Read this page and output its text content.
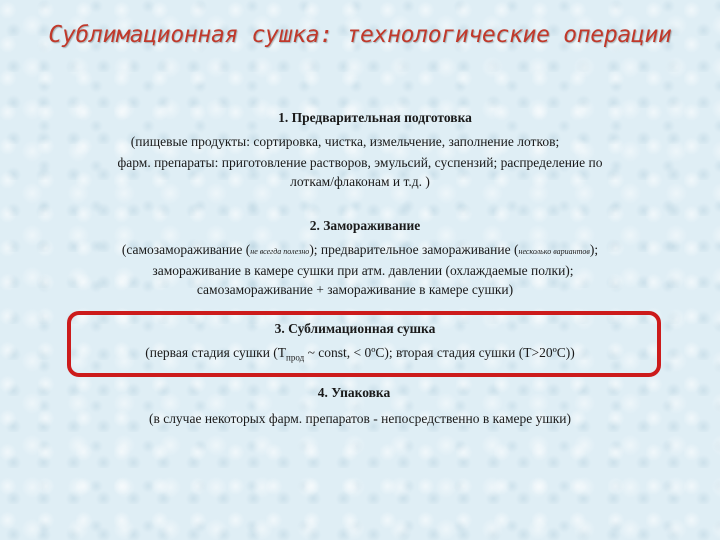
Сублимационная сушка: технологические операции
1. Предварительная подготовка
(пищевые продукты: сортировка, чистка, измельчение, заполнение лотков;
фарм. препараты: приготовление растворов, эмульсий, суспензий; распределение по
лоткам/флаконам и т.д. )
2. Замораживание
(самозамораживание (не всегда полезно); предварительное замораживание (несколько вариантов);
замораживание в камере сушки при атм. давлении (охлаждаемые полки);
самозамораживание + замораживание в камере сушки)
3. Сублимационная сушка
(первая стадия сушки ($T_{прод}$ ~ const, < 0ºC); вторая стадия сушки (T>20ºC))
4. Упаковка
(в случае некоторых фарм. препаратов - непосредственно в камере ушки)
